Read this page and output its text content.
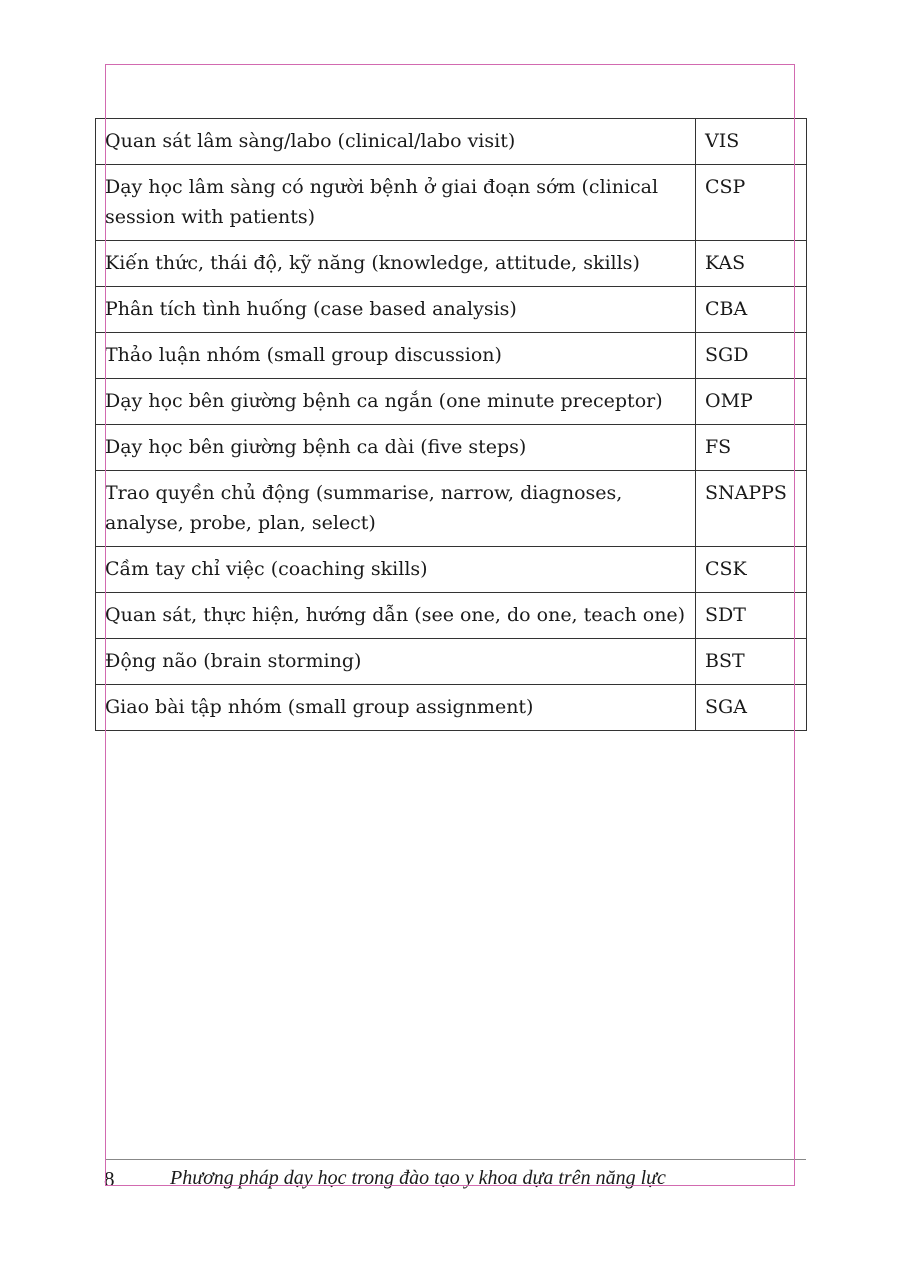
Quan sát lâm sàng/labo (clinical/labo visit)	VIS
Dạy học lâm sàng có người bệnh ở giai đoạn sớm (clinical session with patients)	CSP
Kiến thức, thái độ, kỹ năng (knowledge, attitude, skills)	KAS
Phân tích tình huống (case based analysis)	CBA
Thảo luận nhóm (small group discussion)	SGD
Dạy học bên giường bệnh ca ngắn (one minute preceptor)	OMP
Dạy học bên giường bệnh ca dài (five steps)	FS
Trao quyền chủ động (summarise, narrow, diagnoses, analyse, probe, plan, select)	SNAPPS
Cầm tay chỉ việc (coaching skills)	CSK
Quan sát, thực hiện, hướng dẫn (see one, do one, teach one)	SDT
Động não (brain storming)	BST
Giao bài tập nhóm (small group assignment)	SGA
8	Phương pháp dạy học trong đào tạo y khoa dựa trên năng lực
